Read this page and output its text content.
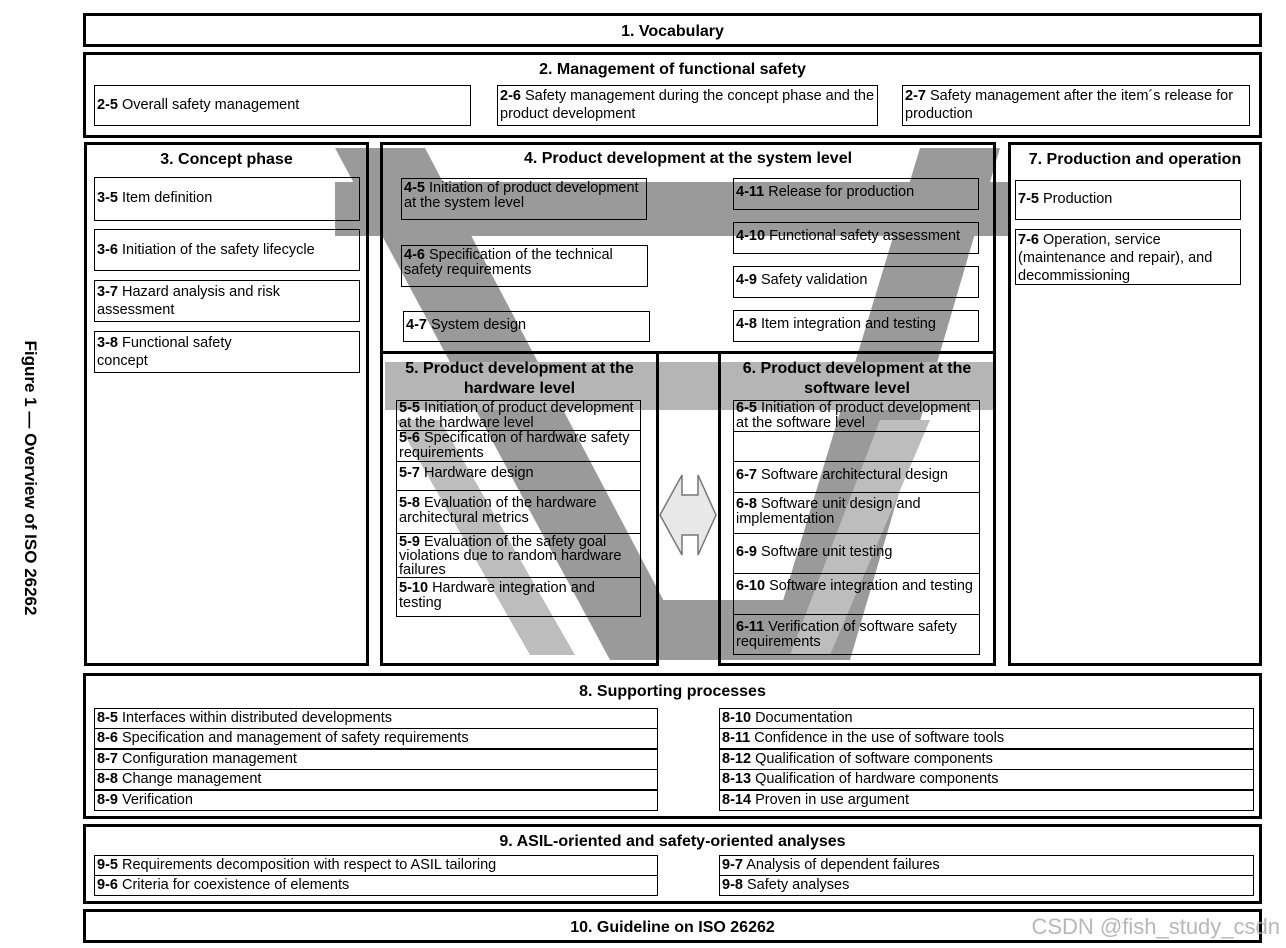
Figure 1 — Overview of ISO 26262
1. Vocabulary
2. Management of functional safety
2-5 Overall safety management
2-6 Safety management during the concept phase and the product development
2-7 Safety management after the item´s release for production
3. Concept phase
3-5 Item definition
3-6 Initiation of the safety lifecycle
3-7 Hazard analysis and risk assessment
3-8 Functional safety concept
4. Product development at the system level
4-5 Initiation of product development at the system level
4-6 Specification of the technical safety requirements
4-7 System design
4-11 Release for production
4-10 Functional safety assessment
4-9 Safety validation
4-8 Item integration and testing
5. Product development at the hardware level
5-5 Initiation of product development at the hardware level
5-6 Specification of hardware safety requirements
5-7 Hardware design
5-8 Evaluation of the hardware architectural metrics
5-9 Evaluation of the safety goal violations due to random hardware failures
5-10 Hardware integration and testing
6. Product development at the software level
6-5 Initiation of product development at the software level
6-7 Software architectural design
6-8 Software unit design and implementation
6-9 Software unit testing
6-10 Software integration and testing
6-11 Verification of software safety requirements
7. Production and operation
7-5 Production
7-6 Operation, service (maintenance and repair), and decommissioning
8. Supporting processes
8-5 Interfaces within distributed developments
8-6 Specification and management of safety requirements
8-7 Configuration management
8-8 Change management
8-9 Verification
8-10 Documentation
8-11 Confidence in the use of software tools
8-12 Qualification of software components
8-13 Qualification of hardware components
8-14 Proven in use argument
9. ASIL-oriented and safety-oriented analyses
9-5 Requirements decomposition with respect to ASIL tailoring
9-6 Criteria for coexistence of elements
9-7 Analysis of dependent failures
9-8 Safety analyses
10. Guideline on ISO 26262	CSDN @fish_study_csdn
